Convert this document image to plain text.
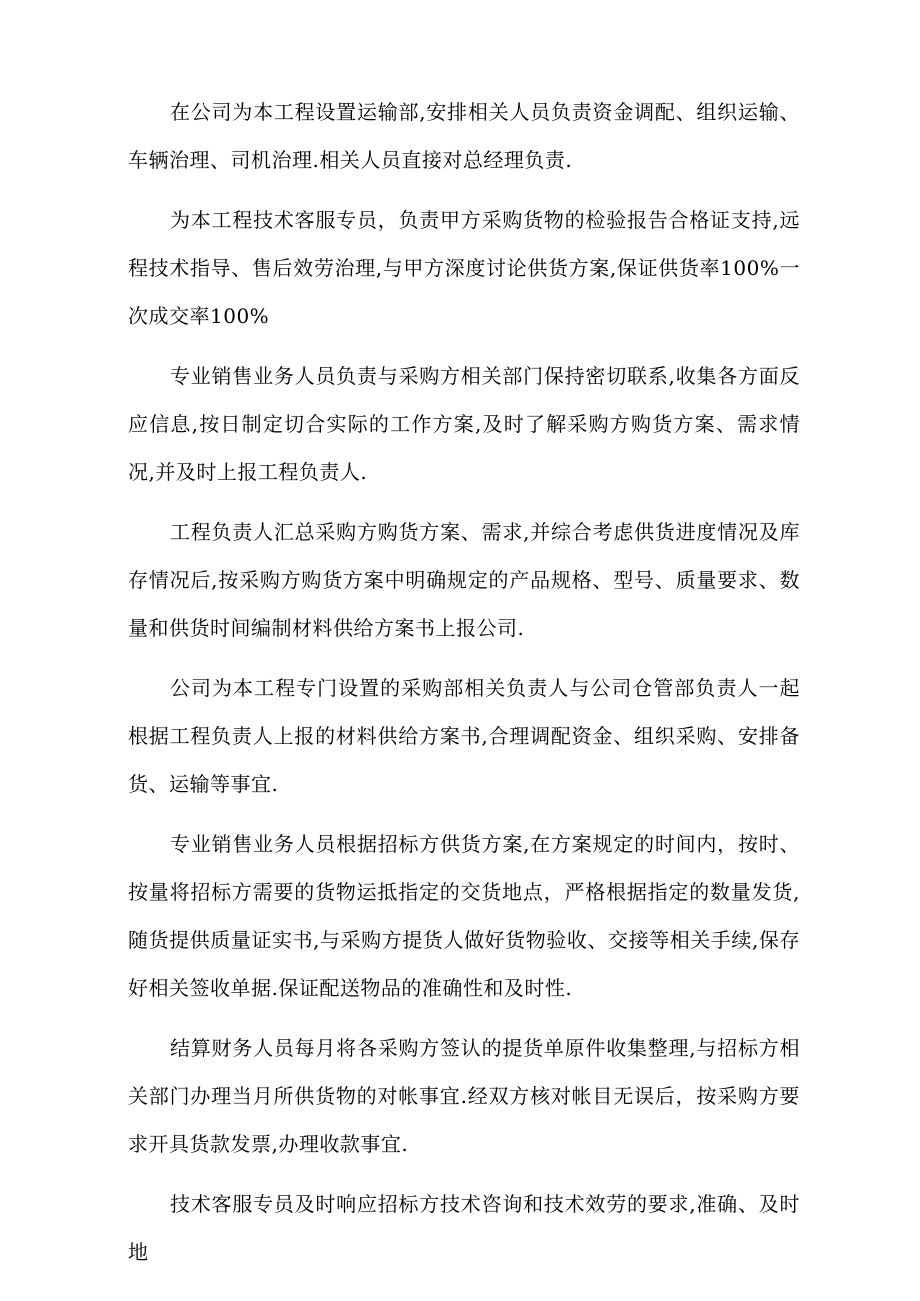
在公司为本工程设置运输部,安排相关人员负责资金调配、组织运输、车辆治理、司机治理.相关人员直接对总经理负责.

为本工程技术客服专员，负责甲方采购货物的检验报告合格证支持,远程技术指导、售后效劳治理,与甲方深度讨论供货方案,保证供货率100%一次成交率100%

专业销售业务人员负责与采购方相关部门保持密切联系,收集各方面反应信息,按日制定切合实际的工作方案,及时了解采购方购货方案、需求情况,并及时上报工程负责人.

工程负责人汇总采购方购货方案、需求,并综合考虑供货进度情况及库存情况后,按采购方购货方案中明确规定的产品规格、型号、质量要求、数量和供货时间编制材料供给方案书上报公司.

公司为本工程专门设置的采购部相关负责人与公司仓管部负责人一起根据工程负责人上报的材料供给方案书,合理调配资金、组织采购、安排备货、运输等事宜.

专业销售业务人员根据招标方供货方案,在方案规定的时间内，按时、按量将招标方需要的货物运抵指定的交货地点，严格根据指定的数量发货,随货提供质量证实书,与采购方提货人做好货物验收、交接等相关手续,保存好相关签收单据.保证配送物品的准确性和及时性.

结算财务人员每月将各采购方签认的提货单原件收集整理,与招标方相关部门办理当月所供货物的对帐事宜.经双方核对帐目无误后，按采购方要求开具货款发票,办理收款事宜.

技术客服专员及时响应招标方技术咨询和技术效劳的要求,准确、及时地
